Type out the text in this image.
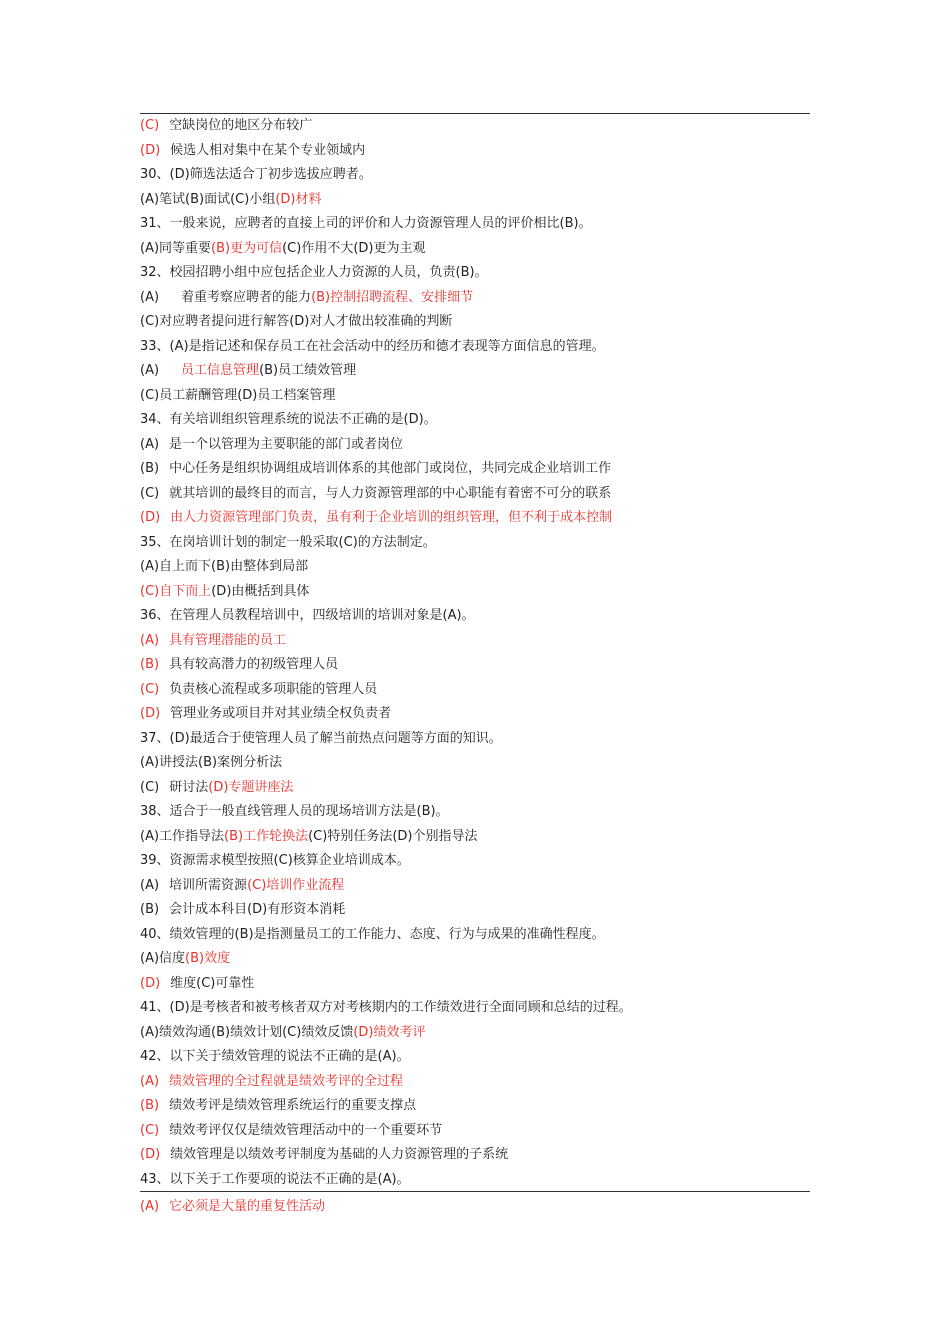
(C) 空缺岗位的地区分布较广
(D) 候选人相对集中在某个专业领域内
30、(D)筛选法适合丁初步选拔应聘者。
(A)笔试(B)面试(C)小组(D)材料
31、一般来说，应聘者的直接上司的评价和人力资源管理人员的评价相比(B)。
(A)同等重要(B)更为可信(C)作用不大(D)更为主观
32、校园招聘小组中应包括企业人力资源的人员，负责(B)。
(A) 着重考察应聘者的能力(B)控制招聘流程、安排细节
(C)对应聘者提问进行解答(D)对人才做出较准确的判断
33、(A)是指记述和保存员工在社会活动中的经历和德才表现等方面信息的管理。
(A) 员工信息管理(B)员工绩效管理
(C)员工薪酬管理(D)员工档案管理
34、有关培训组织管理系统的说法不正确的是(D)。
(A) 是一个以管理为主要职能的部门或者岗位
(B) 中心任务是组织协调组成培训体系的其他部门或岗位，共同完成企业培训工作
(C) 就其培训的最终目的而言，与人力资源管理部的中心职能有着密不可分的联系
(D) 由人力资源管理部门负责，虽有利于企业培训的组织管理，但不利于成本控制
35、在岗培训计划的制定一般采取(C)的方法制定。
(A)自上而下(B)由整体到局部
(C)自下而上(D)由概括到具体
36、在管理人员教程培训中，四级培训的培训对象是(A)。
(A) 具有管理潜能的员工
(B) 具有较高潜力的初级管理人员
(C) 负责核心流程或多项职能的管理人员
(D) 管理业务或项目并对其业绩全权负责者
37、(D)最适合于使管理人员了解当前热点问题等方面的知识。
(A)讲授法(B)案例分析法
(C) 研讨法(D)专题讲座法
38、适合于一般直线管理人员的现场培训方法是(B)。
(A)工作指导法(B)工作轮换法(C)特别任务法(D)个别指导法
39、资源需求模型按照(C)核算企业培训成本。
(A) 培训所需资源(C)培训作业流程
(B) 会计成本科目(D)有形资本消耗
40、绩效管理的(B)是指测量员工的工作能力、态度、行为与成果的准确性程度。
(A)信度(B)效度
(D) 维度(C)可靠性
41、(D)是考核者和被考核者双方对考核期内的工作绩效进行全面同顾和总结的过程。
(A)绩效沟通(B)绩效计划(C)绩效反馈(D)绩效考评
42、以下关于绩效管理的说法不正确的是(A)。
(A) 绩效管理的全过程就是绩效考评的全过程
(B) 绩效考评是绩效管理系统运行的重要支撑点
(C) 绩效考评仅仅是绩效管理活动中的一个重要环节
(D) 绩效管理是以绩效考评制度为基础的人力资源管理的子系统
43、以下关于工作要项的说法不正确的是(A)。
(A) 它必须是大量的重复性活动
